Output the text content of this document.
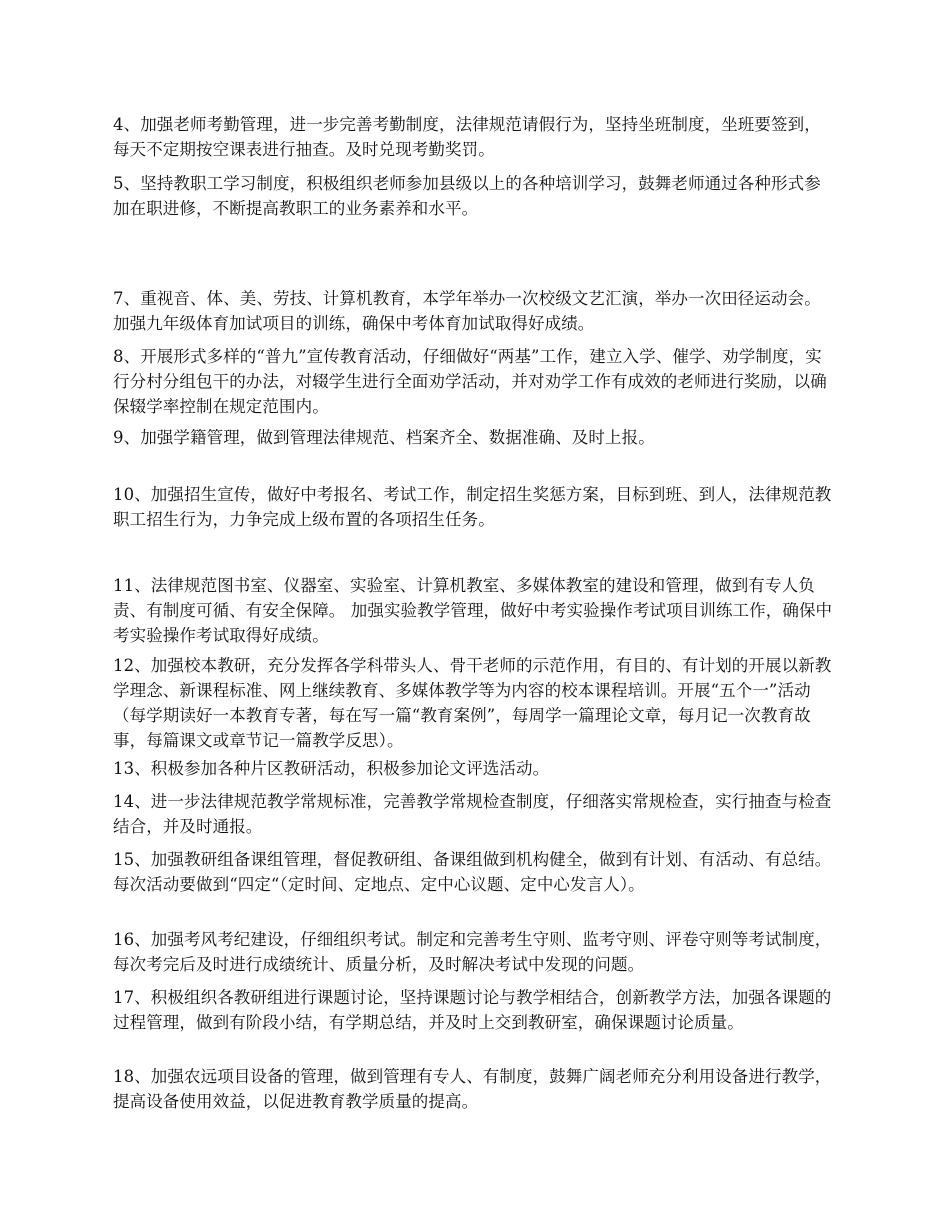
4、加强老师考勤管理，进一步完善考勤制度，法律规范请假行为，坚持坐班制度，坐班要签到，每天不定期按空课表进行抽查。及时兑现考勤奖罚。

5、坚持教职工学习制度，积极组织老师参加县级以上的各种培训学习，鼓舞老师通过各种形式参加在职进修，不断提高教职工的业务素养和水平。

7、重视音、体、美、劳技、计算机教育，本学年举办一次校级文艺汇演，举办一次田径运动会。加强九年级体育加试项目的训练，确保中考体育加试取得好成绩。

8、开展形式多样的“普九”宣传教育活动，仔细做好“两基”工作，建立入学、催学、劝学制度，实行分村分组包干的办法，对辍学生进行全面劝学活动，并对劝学工作有成效的老师进行奖励，以确保辍学率控制在规定范围内。

9、加强学籍管理，做到管理法律规范、档案齐全、数据准确、及时上报。

10、加强招生宣传，做好中考报名、考试工作，制定招生奖惩方案，目标到班、到人，法律规范教职工招生行为，力争完成上级布置的各项招生任务。

11、法律规范图书室、仪器室、实验室、计算机教室、多媒体教室的建设和管理，做到有专人负责、有制度可循、有安全保障。 加强实验教学管理，做好中考实验操作考试项目训练工作，确保中考实验操作考试取得好成绩。

12、加强校本教研，充分发挥各学科带头人、骨干老师的示范作用，有目的、有计划的开展以新教学理念、新课程标准、网上继续教育、多媒体教学等为内容的校本课程培训。开展“五个一”活动（每学期读好一本教育专著，每在写一篇“教育案例”，每周学一篇理论文章，每月记一次教育故事，每篇课文或章节记一篇教学反思）。

13、积极参加各种片区教研活动，积极参加论文评选活动。

14、进一步法律规范教学常规标准，完善教学常规检查制度，仔细落实常规检查，实行抽查与检查结合，并及时通报。

15、加强教研组备课组管理，督促教研组、备课组做到机构健全，做到有计划、有活动、有总结。每次活动要做到“四定“（定时间、定地点、定中心议题、定中心发言人）。

16、加强考风考纪建设，仔细组织考试。制定和完善考生守则、监考守则、评卷守则等考试制度，每次考完后及时进行成绩统计、质量分析，及时解决考试中发现的问题。

17、积极组织各教研组进行课题讨论，坚持课题讨论与教学相结合，创新教学方法，加强各课题的过程管理，做到有阶段小结，有学期总结，并及时上交到教研室，确保课题讨论质量。

18、加强农远项目设备的管理，做到管理有专人、有制度，鼓舞广阔老师充分利用设备进行教学，提高设备使用效益，以促进教育教学质量的提高。
